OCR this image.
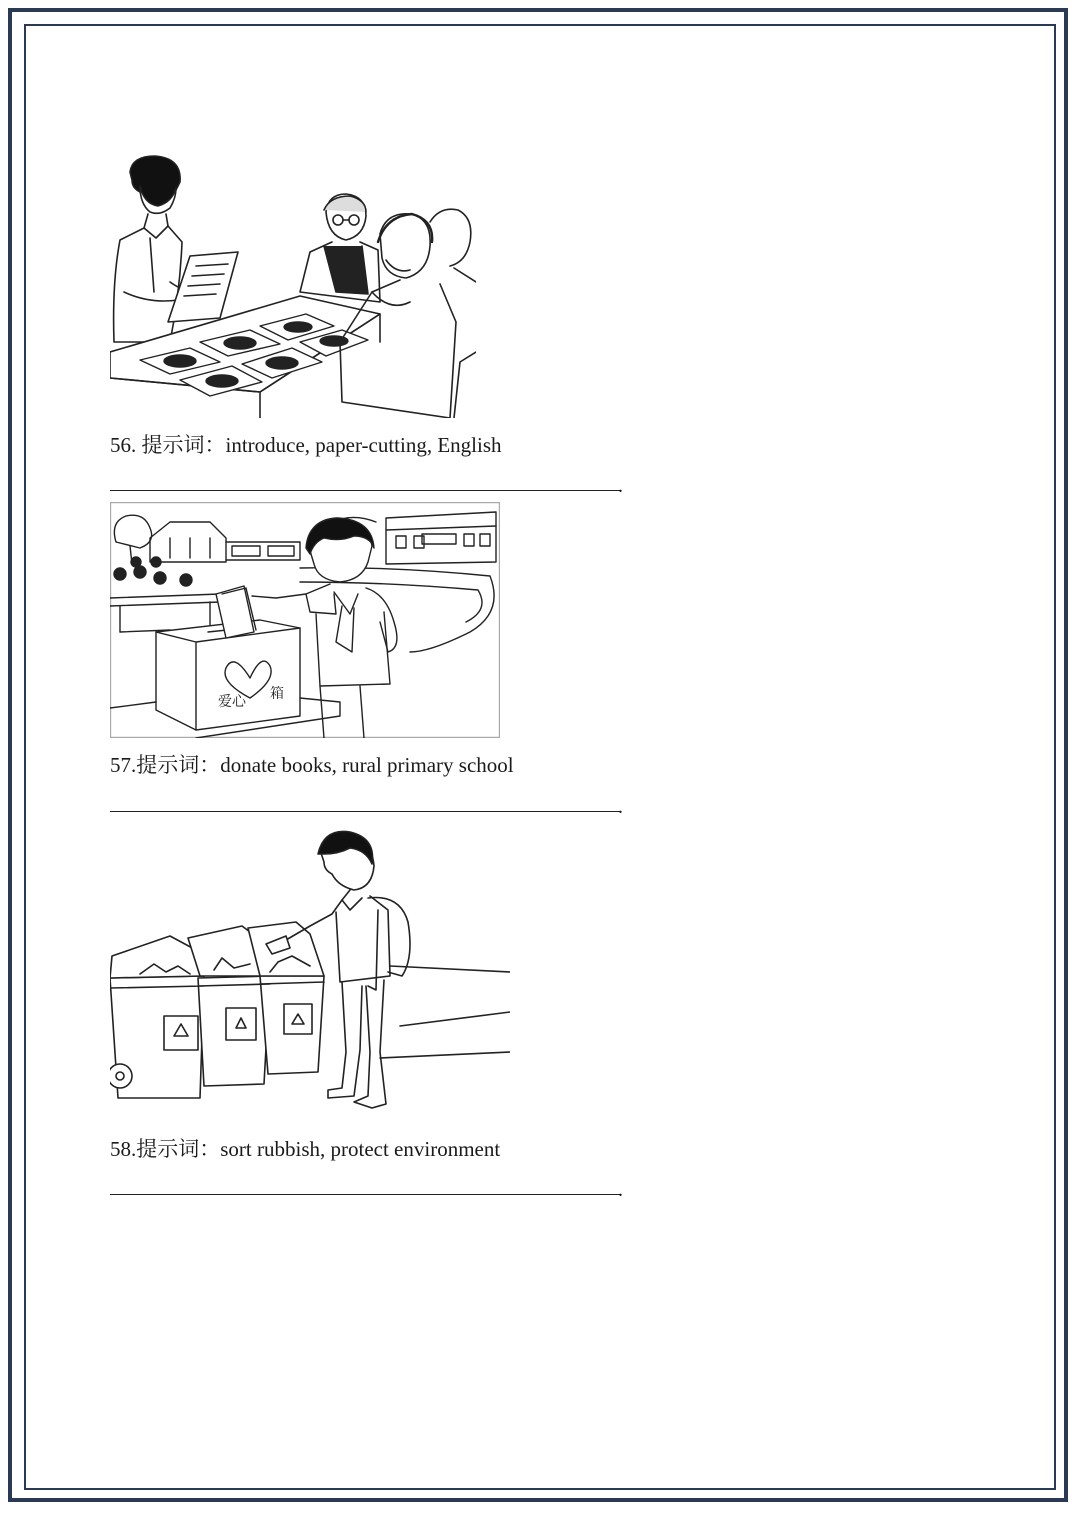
56. 提示词：introduce, paper-cutting, English
.
爱心 箱
57.提示词：donate books, rural primary school
.
58.提示词：sort rubbish, protect environment
.
